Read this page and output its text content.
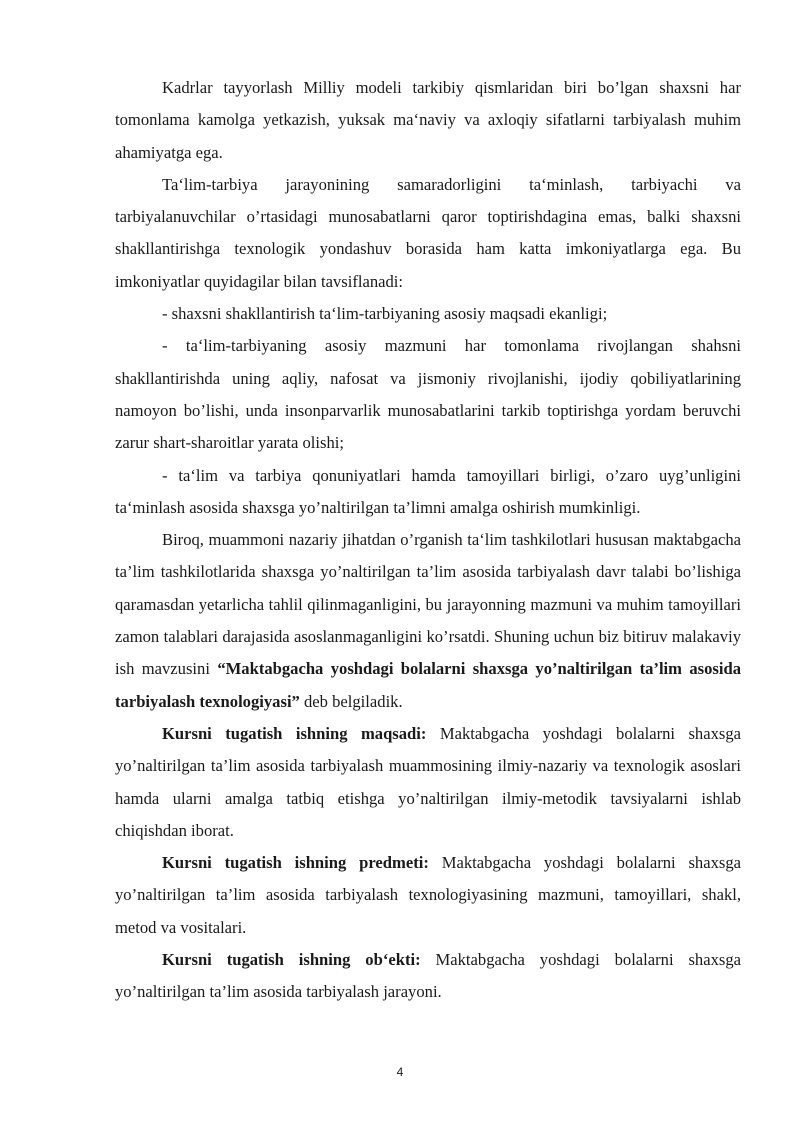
Kadrlar tayyorlash Milliy modeli tarkibiy qismlaridan biri bo’lgan shaxsni har tomonlama kamolga yetkazish, yuksak maʻnaviy va axloqiy sifatlarni tarbiyalash muhim ahamiyatga ega.

Taʻlim-tarbiya jarayonining samaradorligini taʻminlash, tarbiyachi va tarbiyalanuvchilar o’rtasidagi munosabatlarni qaror toptirishdagina emas, balki shaxsni shakllantirishga texnologik yondashuv borasida ham katta imkoniyatlarga ega. Bu imkoniyatlar quyidagilar bilan tavsiflanadi:

- shaxsni shakllantirish taʻlim-tarbiyaning asosiy maqsadi ekanligi;

- taʻlim-tarbiyaning asosiy mazmuni har tomonlama rivojlangan shahsni shakllantirishda uning aqliy, nafosat va jismoniy rivojlanishi, ijodiy qobiliyatlarining namoyon bo’lishi, unda insonparvarlik munosabatlarini tarkib toptirishga yordam beruvchi zarur shart-sharoitlar yarata olishi;

- taʻlim va tarbiya qonuniyatlari hamda tamoyillari birligi, o’zaro uyg’unligini taʻminlash asosida shaxsga yo’naltirilgan ta’limni amalga oshirish mumkinligi.

Biroq, muammoni nazariy jihatdan o’rganish taʻlim tashkilotlari hususan maktabgacha ta’lim tashkilotlarida shaxsga yo’naltirilgan ta’lim asosida tarbiyalash davr talabi bo’lishiga qaramasdan yetarlicha tahlil qilinmaganligini, bu jarayonning mazmuni va muhim tamoyillari zamon talablari darajasida asoslanmaganligini ko’rsatdi. Shuning uchun biz bitiruv malakaviy ish mavzusini “Maktabgacha yoshdagi bolalarni shaxsga yo’naltirilgan ta’lim asosida tarbiyalash texnologiyasi” deb belgiladik.

Kursni tugatish ishning maqsadi: Maktabgacha yoshdagi bolalarni shaxsga yo’naltirilgan ta’lim asosida tarbiyalash muammosining ilmiy-nazariy va texnologik asoslari hamda ularni amalga tatbiq etishga yo’naltirilgan ilmiy-metodik tavsiyalarni ishlab chiqishdan iborat.

Kursni tugatish ishning predmeti: Maktabgacha yoshdagi bolalarni shaxsga yo’naltirilgan ta’lim asosida tarbiyalash texnologiyasining mazmuni, tamoyillari, shakl, metod va vositalari.

Kursni tugatish ishning obʻekti: Maktabgacha yoshdagi bolalarni shaxsga yo’naltirilgan ta’lim asosida tarbiyalash jarayoni.

4
